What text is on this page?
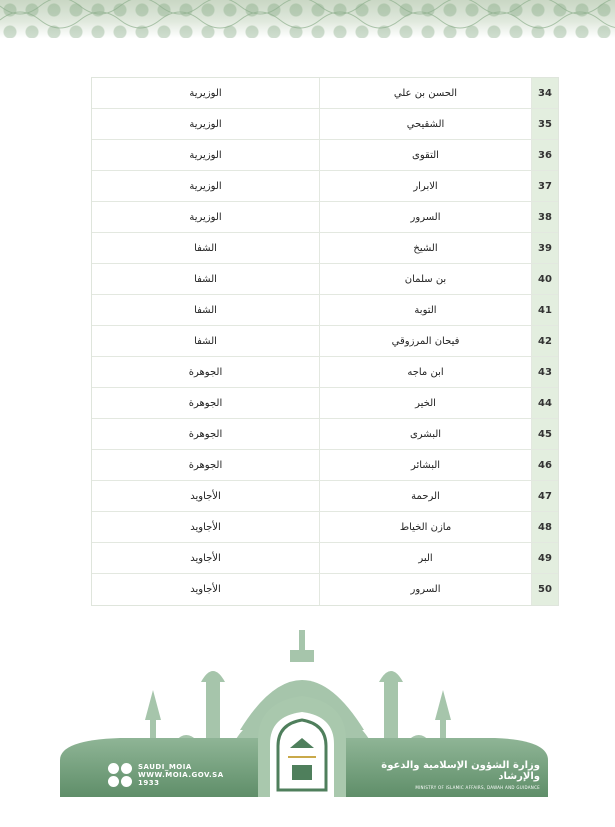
الوزيرية	الحسن بن علي	34
الوزيرية	الشقيحي	35
الوزيرية	التقوى	36
الوزيرية	الابرار	37
الوزيرية	السرور	38
الشفا	الشيخ	39
الشفا	بن سلمان	40
الشفا	التوبة	41
الشفا	فيحان المرزوقي	42
الجوهرة	ابن ماجه	43
الجوهرة	الخير	44
الجوهرة	البشرى	45
الجوهرة	البشائر	46
الأجاويد	الرحمة	47
الأجاويد	مازن الخياط	48
الأجاويد	البر	49
الأجاويد	السرور	50
SAUDI_MOIA
WWW.MOIA.GOV.SA
1933
وزارة الشؤون الإسلامية والدعوة والإرشاد
MINISTRY OF ISLAMIC AFFAIRS, DAWAH AND GUIDANCE
